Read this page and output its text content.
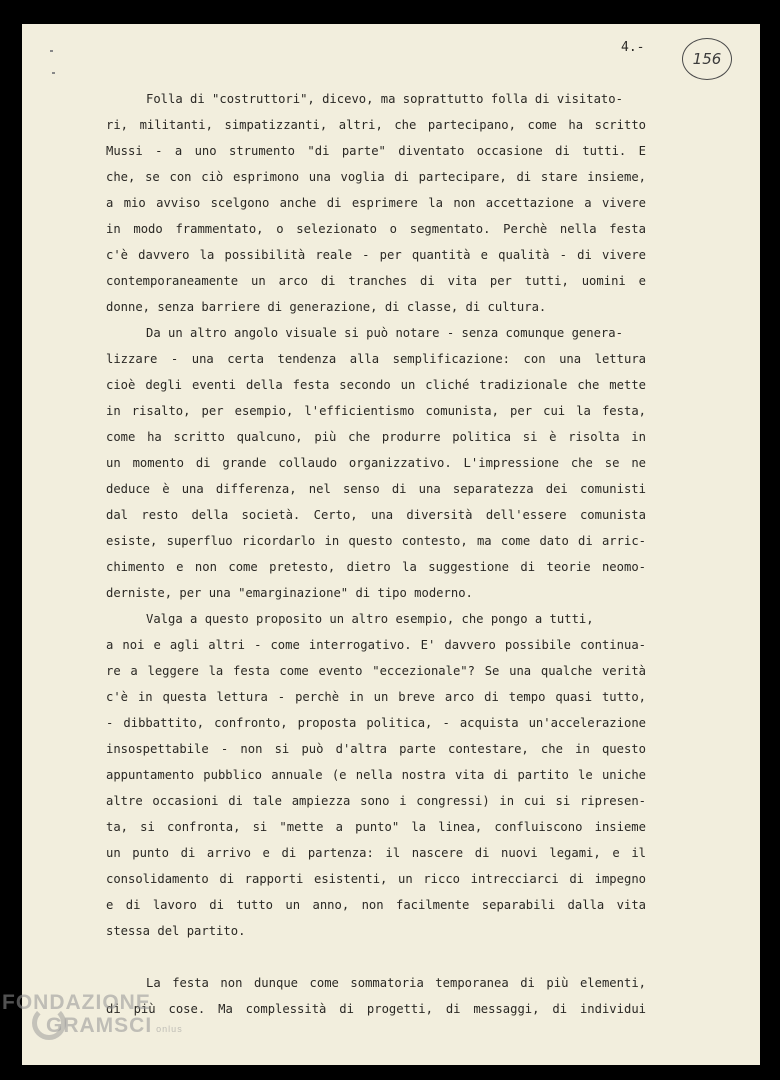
4.-
156
Folla di "costruttori", dicevo, ma soprattutto folla di visitato-
ri, militanti, simpatizzanti, altri, che partecipano, come ha scritto
Mussi - a uno strumento "di parte" diventato occasione di tutti. E
che, se con ciò esprimono una voglia di partecipare, di stare insieme,
a mio avviso scelgono anche di esprimere la non accettazione a vivere
in modo frammentato, o selezionato o segmentato. Perchè nella festa
c'è davvero la possibilità reale - per quantità e qualità - di vivere
contemporaneamente un arco di tranches di vita per tutti, uomini e
donne, senza barriere di generazione, di classe, di cultura.
Da un altro angolo visuale si può notare - senza comunque genera-
lizzare - una certa tendenza alla semplificazione: con una lettura
cioè degli eventi della festa secondo un cliché tradizionale che mette
in risalto, per esempio, l'efficientismo comunista, per cui la festa,
come ha scritto qualcuno, più che produrre politica si è risolta in
un momento di grande collaudo organizzativo. L'impressione che se ne
deduce è una differenza, nel senso di una separatezza dei comunisti
dal resto della società. Certo, una diversità dell'essere comunista
esiste, superfluo ricordarlo in questo contesto, ma come dato di arric-
chimento e non come pretesto, dietro la suggestione di teorie neomo-
derniste, per una "emarginazione" di tipo moderno.
Valga a questo proposito un altro esempio, che pongo a tutti,
a noi e agli altri - come interrogativo. E' davvero possibile continua-
re a leggere la festa come evento "eccezionale"? Se una qualche verità
c'è in questa lettura - perchè in un breve arco di tempo quasi tutto,
- dibbattito, confronto, proposta politica, - acquista un'accelerazione
insospettabile - non si può d'altra parte contestare, che in questo
appuntamento pubblico annuale (e nella nostra vita di partito le uniche
altre occasioni di tale ampiezza sono i congressi) in cui si ripresen-
ta, si confronta, si "mette a punto" la linea, confluiscono insieme
un punto di arrivo e di partenza: il nascere di nuovi legami, e il
consolidamento di rapporti esistenti, un ricco intrecciarci di impegno
e di lavoro di tutto un anno, non facilmente separabili dalla vita
stessa del partito.
La festa non dunque come sommatoria temporanea di più elementi,
di più cose. Ma complessità di progetti, di messaggi, di individui
FONDAZIONE
GRAMSCI onlus
